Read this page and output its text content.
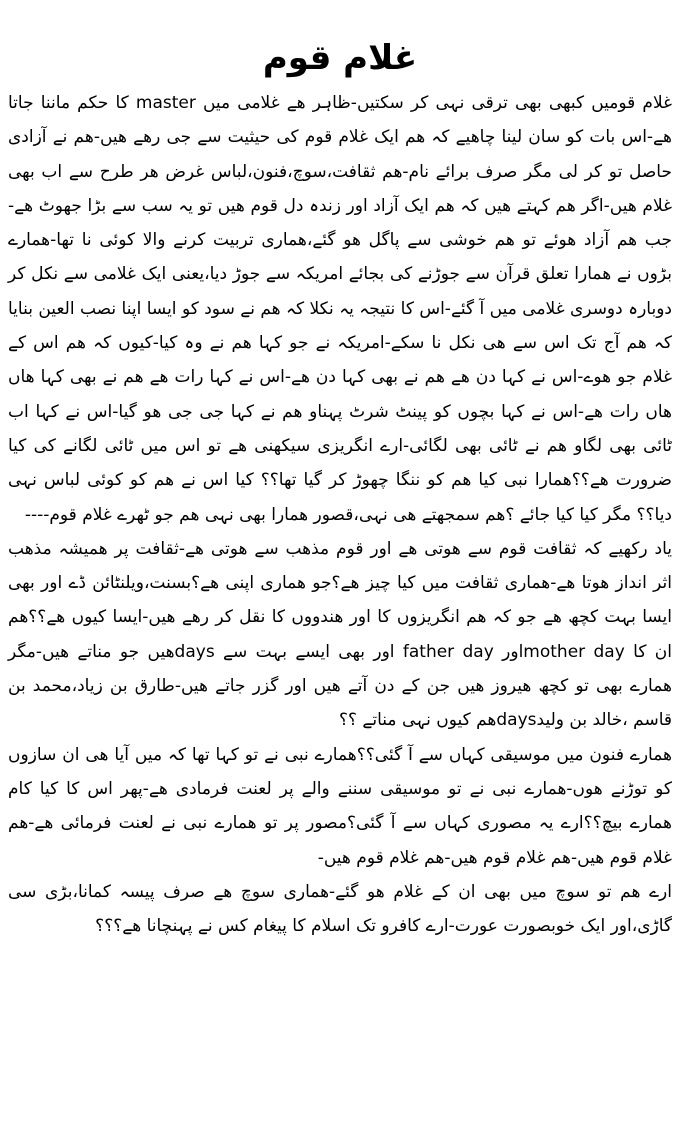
غلام قوم

غلام قومیں کبھی بھی ترقی نہی کر سکتیں-ظاہر ھے غلامی میں master کا حکم ماننا جاتا ھے-اس بات کو سان لینا چاھیے کہ ھم ایک غلام قوم کی حیثیت سے جی رھے ھیں-ھم نے آزادی حاصل تو کر لی مگر صرف برائے نام-ھم ثقافت،سوچ،فنون،لباس غرض ھر طرح سے اب بھی غلام ھیں-اگر ھم کہتے ھیں کہ ھم ایک آزاد اور زندہ دل قوم ھیں تو یہ سب سے بڑا جھوٹ ھے-جب ھم آزاد ھوئے تو ھم خوشی سے پاگل ھو گئے،ھماری تربیت کرنے والا کوئی نا تھا-ھمارے بڑوں نے ھمارا تعلق قرآن سے جوڑنے کی بجائے امریکہ سے جوڑ دیا،یعنی ایک غلامی سے نکل کر دوبارہ دوسری غلامی میں آ گئے-اس کا نتیجہ یہ نکلا کہ ھم نے سود کو ایسا اپنا نصب العین بنایا کہ ھم آج تک اس سے ھی نکل نا سکے-امریکہ نے جو کہا ھم نے وہ کیا-کیوں کہ ھم اس کے غلام جو ھوے-اس نے کہا دن ھے ھم نے بھی کہا دن ھے-اس نے کہا رات ھے ھم نے بھی کہا ھاں ھاں رات ھے-اس نے کہا بچوں کو پینٹ شرٹ پہناو ھم نے کہا جی جی ھو گیا-اس نے کہا اب ٹائی بھی لگاو ھم نے ٹائی بھی لگائی-ارے انگریزی سیکھنی ھے تو اس میں ٹائی لگانے کی کیا ضرورت ھے؟؟ھمارا نبی کیا ھم کو ننگا چھوڑ کر گیا تھا؟؟ کیا اس نے ھم کو کوئی لباس نہی دیا؟؟ مگر کیا کیا جائے ؟ھم سمجھتے ھی نہی،قصور ھمارا بھی نہی ھم جو ٹھرے غلام قوم----

یاد رکھیے کہ ثقافت قوم سے ھوتی ھے اور قوم مذھب سے ھوتی ھے-ثقافت پر ھمیشہ مذھب اثر انداز ھوتا ھے-ھماری ثقافت میں کیا چیز ھے؟جو ھماری اپنی ھے؟بسنت،ویلنٹائن ڈے اور بھی ایسا بہت کچھ ھے جو کہ ھم انگریزوں کا اور ھندووں کا نقل کر رھے ھیں-ایسا کیوں ھے؟؟ھم ان کا mother dayاور father day اور بھی ایسے بہت سے daysھیں جو مناتے ھیں-مگر ھمارے بھی تو کچھ ھیروز ھیں جن کے دن آتے ھیں اور گزر جاتے ھیں-طارق بن زیاد،محمد بن قاسم ،خالد بن ولیدdaysھم کیوں نہی مناتے ؟؟

ھمارے فنون میں موسیقی کہاں سے آ گئی؟؟ھمارے نبی نے تو کہا تھا کہ میں آیا ھی ان سازوں کو توڑنے ھوں-ھمارے نبی نے تو موسیقی سننے والے پر لعنت فرمادی ھے-پھر اس کا کیا کام ھمارے بیچ؟؟ارے یہ مصوری کہاں سے آ گئی؟مصور پر تو ھمارے نبی نے لعنت فرمائی ھے-ھم غلام قوم ھیں-ھم غلام قوم ھیں-ھم غلام قوم ھیں-

ارے ھم تو سوچ میں بھی ان کے غلام ھو گئے-ھماری سوچ ھے صرف پیسہ کمانا،بڑی سی گاڑی،اور ایک خوبصورت عورت-ارے کافرو تک اسلام کا پیغام کس نے پہنچانا ھے؟؟؟
